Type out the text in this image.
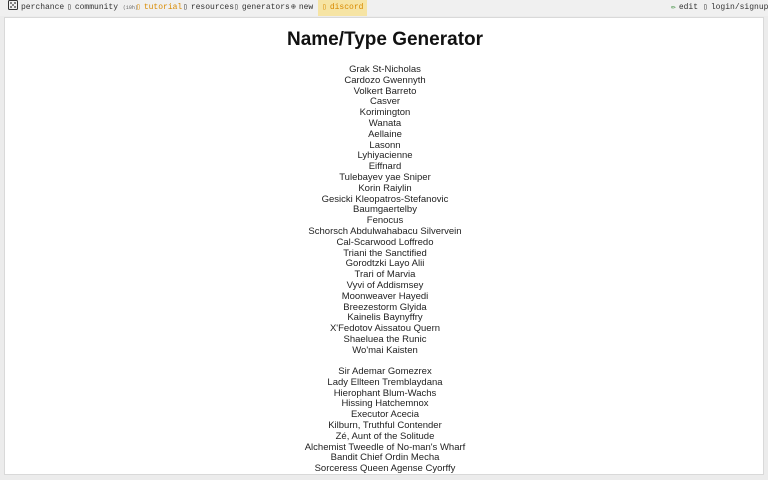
perchance ▯ community (10h)
▯ tutorial ▯ resources ▯ generators ⊕ new	▯ discord	✏ edit ▯ login/signup
Name/Type Generator
Grak St-Nicholas
Cardozo Gwennyth
Volkert Barreto
Casver
Korimington
Wanata
Aellaine
Lasonn
Lyhiyacienne
Eiffnard
Tulebayev yae Sniper
Korin Raiylin
Gesicki Kleopatros-Stefanovic
Baumgaertelby
Fenocus
Schorsch Abdulwahabacu Silvervein
Cal-Scarwood Loffredo
Triani the Sanctified
Gorodtzki Layo Alii
Trari of Marvia
Vyvi of Addismsey
Moonweaver Hayedi
Breezestorm Glyida
Kainelis Baynyffry
X'Fedotov Aissatou Quern
Shaeluea the Runic
Wo'mai Kaisten
Sir Ademar Gomezrex
Lady Ellteen Tremblaydana
Hierophant Blum-Wachs
Hissing Hatchemnox
Executor Acecia
Kilburn, Truthful Contender
Zé, Aunt of the Solitude
Alchemist Tweedle of No-man's Wharf
Bandit Chief Ordin Mecha
Sorceress Queen Agense Cyorffy
